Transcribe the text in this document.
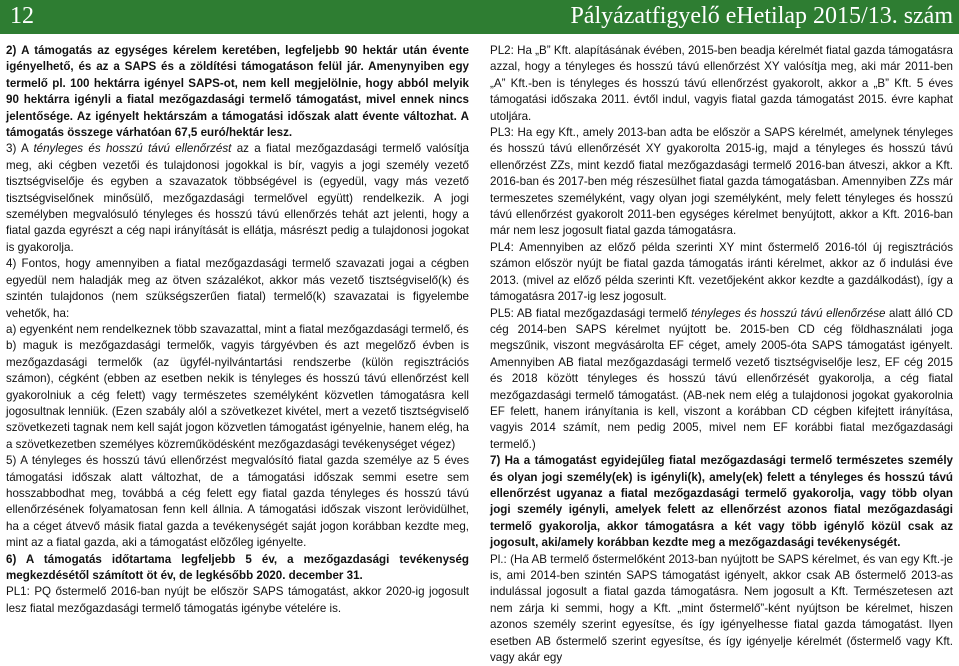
12	Pályázatfigyelő eHetilap 2015/13. szám

2) A támogatás az egységes kérelem keretében, legfeljebb 90 hektár után évente igényelhető, és az a SAPS és a zöldítési támogatáson felül jár. Amenynyiben egy termelő pl. 100 hektárra igényel SAPS-ot, nem kell megjelölnie, hogy abból melyik 90 hektárra igényli a fiatal mezőgazdasági termelő támogatást, mivel ennek nincs jelentősége. Az igényelt hektárszám a támogatási időszak alatt évente változhat. A támogatás összege várhatóan 67,5 euró/hektár lesz.

3) A tényleges és hosszú távú ellenőrzést az a fiatal mezőgazdasági termelő valósítja meg, aki cégben vezetői és tulajdonosi jogokkal is bír, vagyis a jogi személy vezető tisztségviselője és egyben a szavazatok többségével is (egyedül, vagy más vezető tisztségviselőnek minősülő, mezőgazdasági termelővel együtt) rendelkezik. A jogi személyben megvalósuló tényleges és hosszú távú ellenőrzés tehát azt jelenti, hogy a fiatal gazda egyrészt a cég napi irányítását is ellátja, másrészt pedig a tulajdonosi jogokat is gyakorolja.

4) Fontos, hogy amennyiben a fiatal mezőgazdasági termelő szavazati jogai a cégben egyedül nem haladják meg az ötven százalékot, akkor más vezető tisztségviselő(k) és szintén tulajdonos (nem szükségszerűen fiatal) termelő(k) szavazatai is figyelembe vehetők, ha:

a) egyenként nem rendelkeznek több szavazattal, mint a fiatal mezőgazdasági termelő, és

b) maguk is mezőgazdasági termelők, vagyis tárgyévben és azt megelőző évben is mezőgazdasági termelők (az ügyfél-nyilvántartási rendszerbe (külön regisztrációs számon), cégként (ebben az esetben nekik is tényleges és hosszú távú ellenőrzést kell gyakorolniuk a cég felett) vagy természetes személyként közvetlen támogatásra kell jogosultnak lenniük. (Ezen szabály alól a szövetkezet kivétel, mert a vezető tisztségviselő szövetkezeti tagnak nem kell saját jogon közvetlen támogatást igényelnie, hanem elég, ha a szövetkezetben személyes közreműködésként mezőgazdasági tevékenységet végez)

5) A tényleges és hosszú távú ellenőrzést megvalósító fiatal gazda személye az 5 éves támogatási időszak alatt változhat, de a támogatási időszak semmi esetre sem hosszabbodhat meg, továbbá a cég felett egy fiatal gazda tényleges és hosszú távú ellenőrzésének folyamatosan fenn kell állnia. A támogatási időszak viszont lerövidülhet, ha a céget átvevő másik fiatal gazda a tevékenységét saját jogon korábban kezdte meg, mint az a fiatal gazda, aki a támogatást elõzőleg igényelte.

6) A támogatás időtartama legfeljebb 5 év, a mezőgazdasági tevékenység megkezdésétől számított öt év, de legkésőbb 2020. december 31.

PL1: PQ őstermelő 2016-ban nyújt be először SAPS támogatást, akkor 2020-ig jogosult lesz fiatal mezőgazdasági termelő támogatás igénybe vételére is.

PL2: Ha „B” Kft. alapításának évében, 2015-ben beadja kérelmét fiatal gazda támogatásra azzal, hogy a tényleges és hosszú távú ellenőrzést XY valósítja meg, aki már 2011-ben „A” Kft.-ben is tényleges és hosszú távú ellenőrzést gyakorolt, akkor a „B” Kft. 5 éves támogatási időszaka 2011. évtől indul, vagyis fiatal gazda támogatást 2015. évre kaphat utoljára.

PL3: Ha egy Kft., amely 2013-ban adta be először a SAPS kérelmét, amelynek tényleges és hosszú távú ellenőrzését XY gyakorolta 2015-ig, majd a tényleges és hosszú távú ellenőrzést ZZs, mint kezdő fiatal mezőgazdasági termelő 2016-ban átveszi, akkor a Kft. 2016-ban és 2017-ben még részesülhet fiatal gazda támogatásban. Amennyiben ZZs már termeszetes személyként, vagy olyan jogi személyként, mely felett tényleges és hosszú távú ellenőrzést gyakorolt 2011-ben egységes kérelmet benyújtott, akkor a Kft. 2016-ban már nem lesz jogosult fiatal gazda támogatásra.

PL4: Amennyiben az előző példa szerinti XY mint őstermelő 2016-tól új regisztrációs számon először nyújt be fiatal gazda támogatás iránti kérelmet, akkor az ő indulási éve 2013. (mivel az előző példa szerinti Kft. vezetőjeként akkor kezdte a gazdálkodást), így a támogatásra 2017-ig lesz jogosult.

PL5: AB fiatal mezőgazdasági termelő tényleges és hosszú távú ellenőrzése alatt álló CD cég 2014-ben SAPS kérelmet nyújtott be. 2015-ben CD cég földhasználati joga megszűnik, viszont megvásárolta EF céget, amely 2005-óta SAPS támogatást igényelt. Amennyiben AB fiatal mezőgazdasági termelő vezető tisztségviselője lesz, EF cég 2015 és 2018 között tényleges és hosszú távú ellenőrzését gyakorolja, a cég fiatal mezőgazdasági termelő támogatást. (AB-nek nem elég a tulajdonosi jogokat gyakorolnia EF felett, hanem irányítania is kell, viszont a korábban CD cégben kifejtett irányítása, vagyis 2014 számít, nem pedig 2005, mivel nem EF korábbi fiatal mezőgazdasági termelő.)

7) Ha a támogatást egyidejűleg fiatal mezőgazdasági termelő természetes személy és olyan jogi személy(ek) is igényli(k), amely(ek) felett a tényleges és hosszú távú ellenőrzést ugyanaz a fiatal mezőgazdasági termelő gyakorolja, vagy több olyan jogi személy igényli, amelyek felett az ellenőrzést azonos fiatal mezőgazdasági termelő gyakorolja, akkor támogatásra a két vagy több igénylő közül csak az jogosult, aki/amely korábban kezdte meg a mezőgazdasági tevékenységét.

Pl.: (Ha AB termelő őstermelőként 2013-ban nyújtott be SAPS kérelmet, és van egy Kft.-je is, ami 2014-ben szintén SAPS támogatást igényelt, akkor csak AB őstermelő 2013-as indulással jogosult a fiatal gazda támogatásra. Nem jogosult a Kft. Természetesen azt nem zárja ki semmi, hogy a Kft. „mint őstermelő”-ként nyújtson be kérelmet, hiszen azonos személy szerint egyesítse, és így igényelhesse fiatal gazda támogatást. Ilyen esetben AB őstermelő szerint egyesítse, és így igényelje kérelmét (őstermelő vagy Kft. vagy akár egy
